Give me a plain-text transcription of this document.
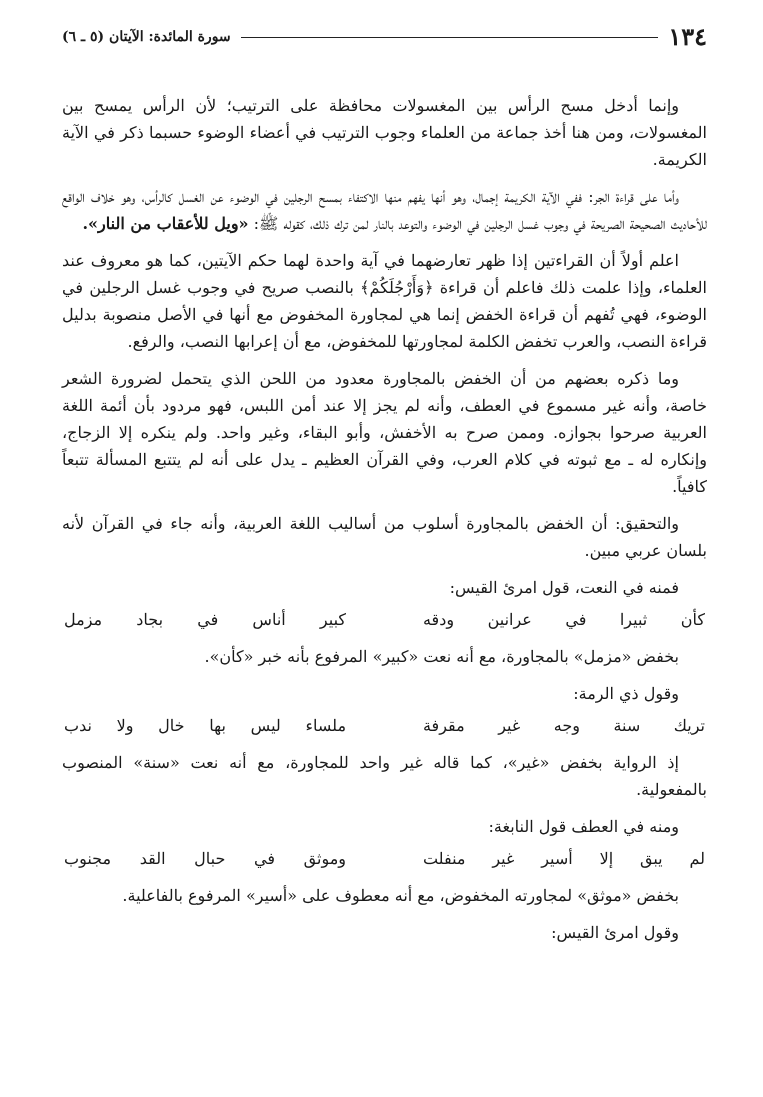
١٣٤
سورة المائدة: الآيتان (٥ ـ ٦)

وإنما أدخل مسح الرأس بين المغسولات محافظة على الترتيب؛ لأن الرأس يمسح بين المغسولات، ومن هنا أخذ جماعة من العلماء وجوب الترتيب في أعضاء الوضوء حسبما ذكر في الآية الكريمة.

وأما على قراءة الجر: ففي الآية الكريمة إجمال، وهو أنها يفهم منها الاكتفاء بمسح الرجلين في الوضوء عن الغسل كالرأس، وهو خلاف الواقع للأحاديث الصحيحة الصريحة في وجوب غسل الرجلين في الوضوء والتوعد بالنار لمن ترك ذلك، كقوله ﷺ: «ويل للأعقاب من النار».

اعلم أولاً أن القراءتين إذا ظهر تعارضهما في آية واحدة لهما حكم الآيتين، كما هو معروف عند العلماء، وإذا علمت ذلك فاعلم أن قراءة ﴿وَأَرْجُلَكُمْ﴾ بالنصب صريح في وجوب غسل الرجلين في الوضوء، فهي تُفهم أن قراءة الخفض إنما هي لمجاورة المخفوض مع أنها في الأصل منصوبة بدليل قراءة النصب، والعرب تخفض الكلمة لمجاورتها للمخفوض، مع أن إعرابها النصب، والرفع.

وما ذكره بعضهم من أن الخفض بالمجاورة معدود من اللحن الذي يتحمل لضرورة الشعر خاصة، وأنه غير مسموع في العطف، وأنه لم يجز إلا عند أمن اللبس، فهو مردود بأن أئمة اللغة العربية صرحوا بجوازه. وممن صرح به الأخفش، وأبو البقاء، وغير واحد. ولم ينكره إلا الزجاج، وإنكاره له ـ مع ثبوته في كلام العرب، وفي القرآن العظيم ـ يدل على أنه لم يتتبع المسألة تتبعاً كافياً.

والتحقيق: أن الخفض بالمجاورة أسلوب من أساليب اللغة العربية، وأنه جاء في القرآن لأنه بلسان عربي مبين.

فمنه في النعت، قول امرئ القيس:

كأن ثبيرا في عرانين ودقه
كبير أناس في بجاد مزمل

بخفض «مزمل» بالمجاورة، مع أنه نعت «كبير» المرفوع بأنه خبر «كأن».

وقول ذي الرمة:

تريك سنة وجه غير مقرفة
ملساء ليس بها خال ولا ندب

إذ الرواية بخفض «غير»، كما قاله غير واحد للمجاورة، مع أنه نعت «سنة» المنصوب بالمفعولية.

ومنه في العطف قول النابغة:

لم يبق إلا أسير غير منفلت
وموثق في حبال القد مجنوب

بخفض «موثق» لمجاورته المخفوض، مع أنه معطوف على «أسير» المرفوع بالفاعلية.

وقول امرئ القيس:
